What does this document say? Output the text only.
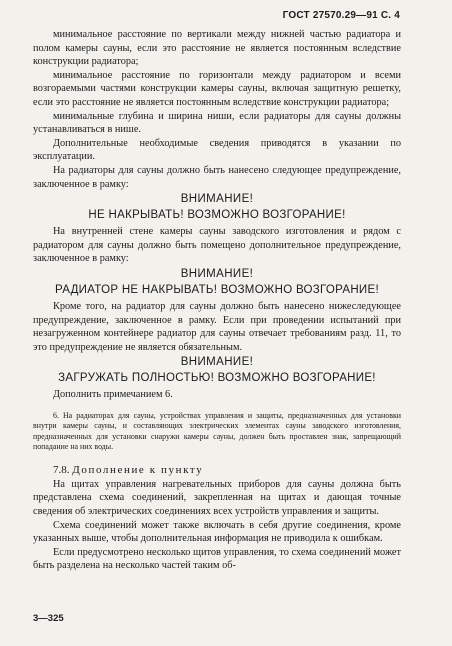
ГОСТ 27570.29—91 С. 4

минимальное расстояние по вертикали между нижней частью радиатора и полом камеры сауны, если это расстояние не является постоянным вследствие конструкции радиатора;

минимальное расстояние по горизонтали между радиатором и всеми возгораемыми частями конструкции камеры сауны, включая защитную решетку, если это расстояние не является постоянным вследствие конструкции радиатора;

минимальные глубина и ширина ниши, если радиаторы для сауны должны устанавливаться в нише.

Дополнительные необходимые сведения приводятся в указании по эксплуатации.

На радиаторы для сауны должно быть нанесено следующее предупреждение, заключенное в рамку:

ВНИМАНИЕ!
НЕ НАКРЫВАТЬ! ВОЗМОЖНО ВОЗГОРАНИЕ!

На внутренней стене камеры сауны заводского изготовления и рядом с радиатором для сауны должно быть помещено дополнительное предупреждение, заключенное в рамку:

ВНИМАНИЕ!
РАДИАТОР НЕ НАКРЫВАТЬ! ВОЗМОЖНО ВОЗГОРАНИЕ!

Кроме того, на радиатор для сауны должно быть нанесено нижеследующее предупреждение, заключенное в рамку. Если при проведении испытаний при незагруженном контейнере радиатор для сауны отвечает требованиям разд. 11, то это предупреждение не является обязательным.

ВНИМАНИЕ!
ЗАГРУЖАТЬ ПОЛНОСТЬЮ! ВОЗМОЖНО ВОЗГОРАНИЕ!

Дополнить примечанием 6.

6. На радиаторах для сауны, устройствах управления и защиты, предназначенных для установки внутри камеры сауны, и составляющих электрических элементах сауны заводского изготовления, предназначенных для установки снаружи камеры сауны, должен быть проставлен знак, запрещающий попадание на них воды.

7.8. Дополнение к пункту

На щитах управления нагревательных приборов для сауны должна быть представлена схема соединений, закрепленная на щитах и дающая точные сведения об электрических соединениях всех устройств управления и защиты.

Схема соединений может также включать в себя другие соединения, кроме указанных выше, чтобы дополнительная информация не приводила к ошибкам.

Если предусмотрено несколько щитов управления, то схема соединений может быть разделена на несколько частей таким об-

3—325
